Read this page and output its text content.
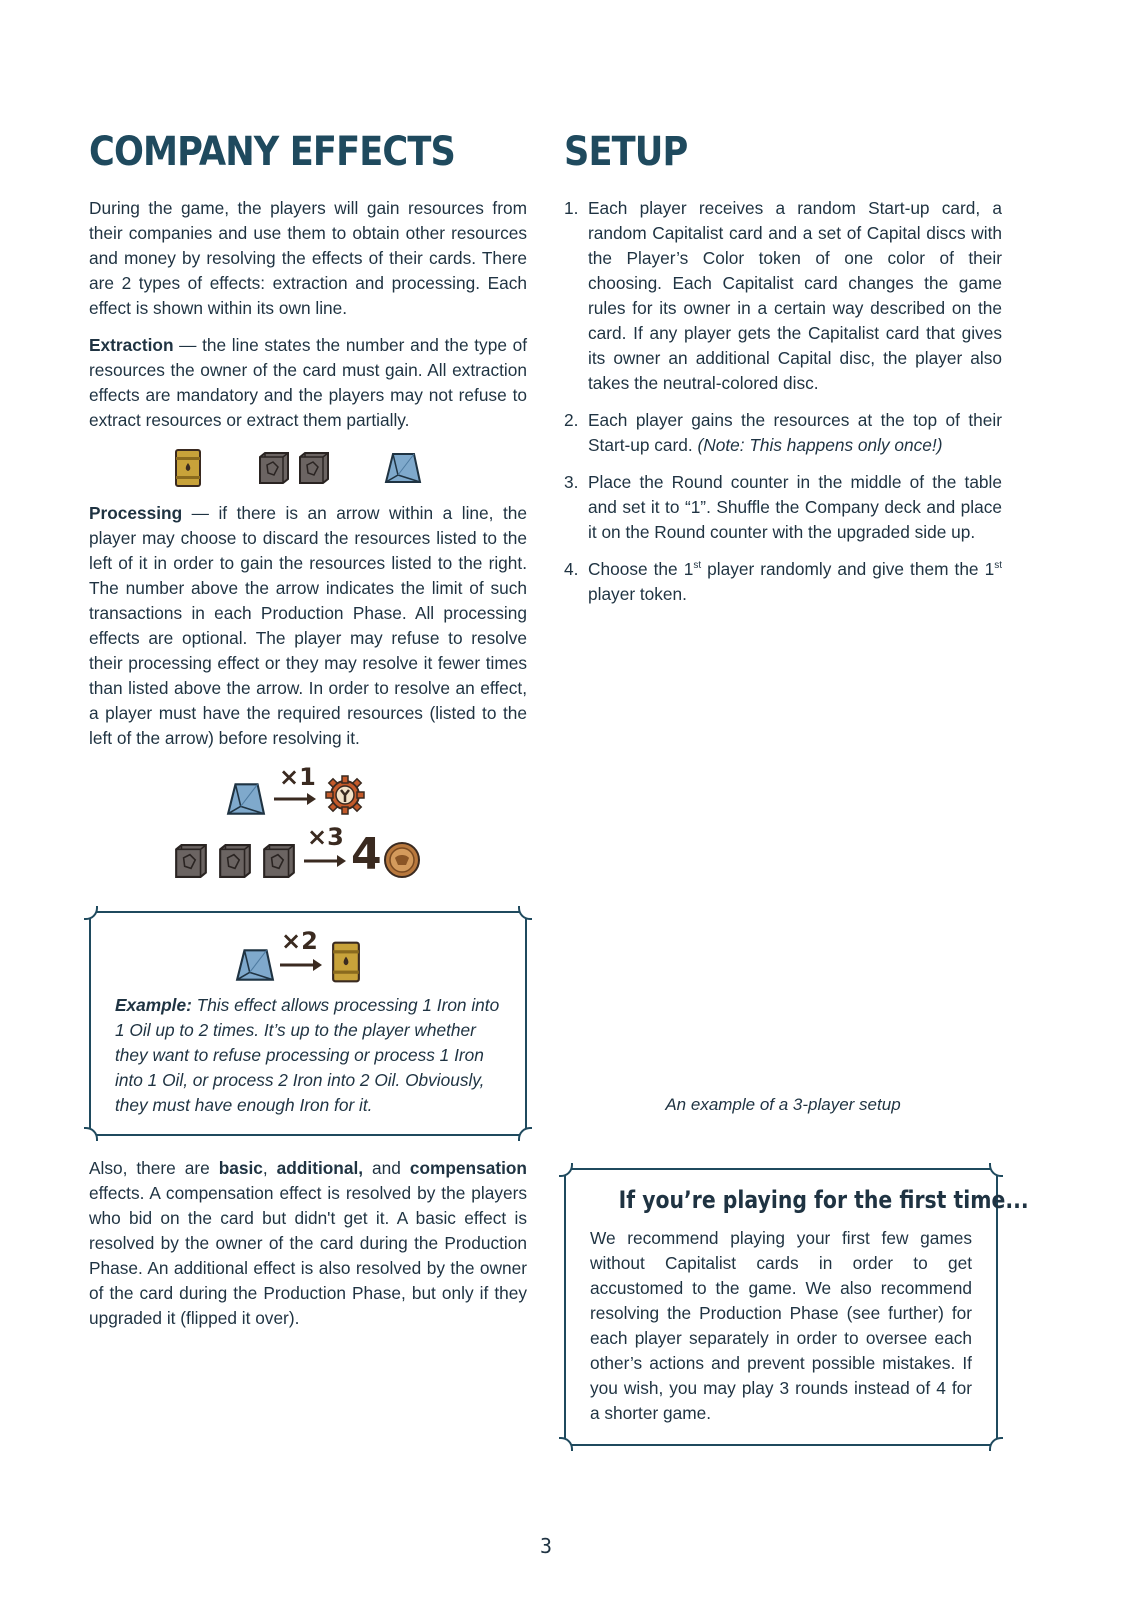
COMPANY EFFECTS

During the game, the players will gain resources from their companies and use them to obtain other resources and money by resolving the effects of their cards. There are 2 types of effects: extraction and processing. Each effect is shown within its own line.

Extraction — the line states the number and the type of resources the owner of the card must gain. All extraction effects are mandatory and the players may not refuse to extract resources or extract them partially.

Processing — if there is an arrow within a line, the player may choose to discard the resources listed to the left of it in order to gain the resources listed to the right. The number above the arrow indicates the limit of such transactions in each Production Phase. All processing effects are optional. The player may refuse to resolve their processing effect or they may resolve it fewer times than listed above the arrow. In order to resolve an effect, a player must have the required resources (listed to the left of the arrow) before resolving it.

×1
×3 4
×2

Example: This effect allows processing 1 Iron into 1 Oil up to 2 times. It’s up to the player whether they want to refuse processing or process 1 Iron into 1 Oil, or process 2 Iron into 2 Oil. Obviously, they must have enough Iron for it.

Also, there are basic, additional, and compensation effects. A compensation effect is resolved by the players who bid on the card but didn't get it. A basic effect is resolved by the owner of the card during the Production Phase. An additional effect is also resolved by the owner of the card during the Production Phase, but only if they upgraded it (flipped it over).

SETUP
1. Each player receives a random Start-up card, a random Capitalist card and a set of Capital discs with the Player’s Color token of one color of their choosing. Each Capitalist card changes the game rules for its owner in a certain way described on the card. If any player gets the Capitalist card that gives its owner an additional Capital disc, the player also takes the neutral-colored disc.
2. Each player gains the resources at the top of their Start-up card. (Note: This happens only once!)
3. Place the Round counter in the middle of the table and set it to “1”. Shuffle the Company deck and place it on the Round counter with the upgraded side up.
4. Choose the 1st player randomly and give them the 1st player token.
An example of a 3-player setup
If you’re playing for the first time...

We recommend playing your first few games without Capitalist cards in order to get accustomed to the game. We also recommend resolving the Production Phase (see further) for each player separately in order to oversee each other’s actions and prevent possible mistakes. If you wish, you may play 3 rounds instead of 4 for a shorter game.

3
